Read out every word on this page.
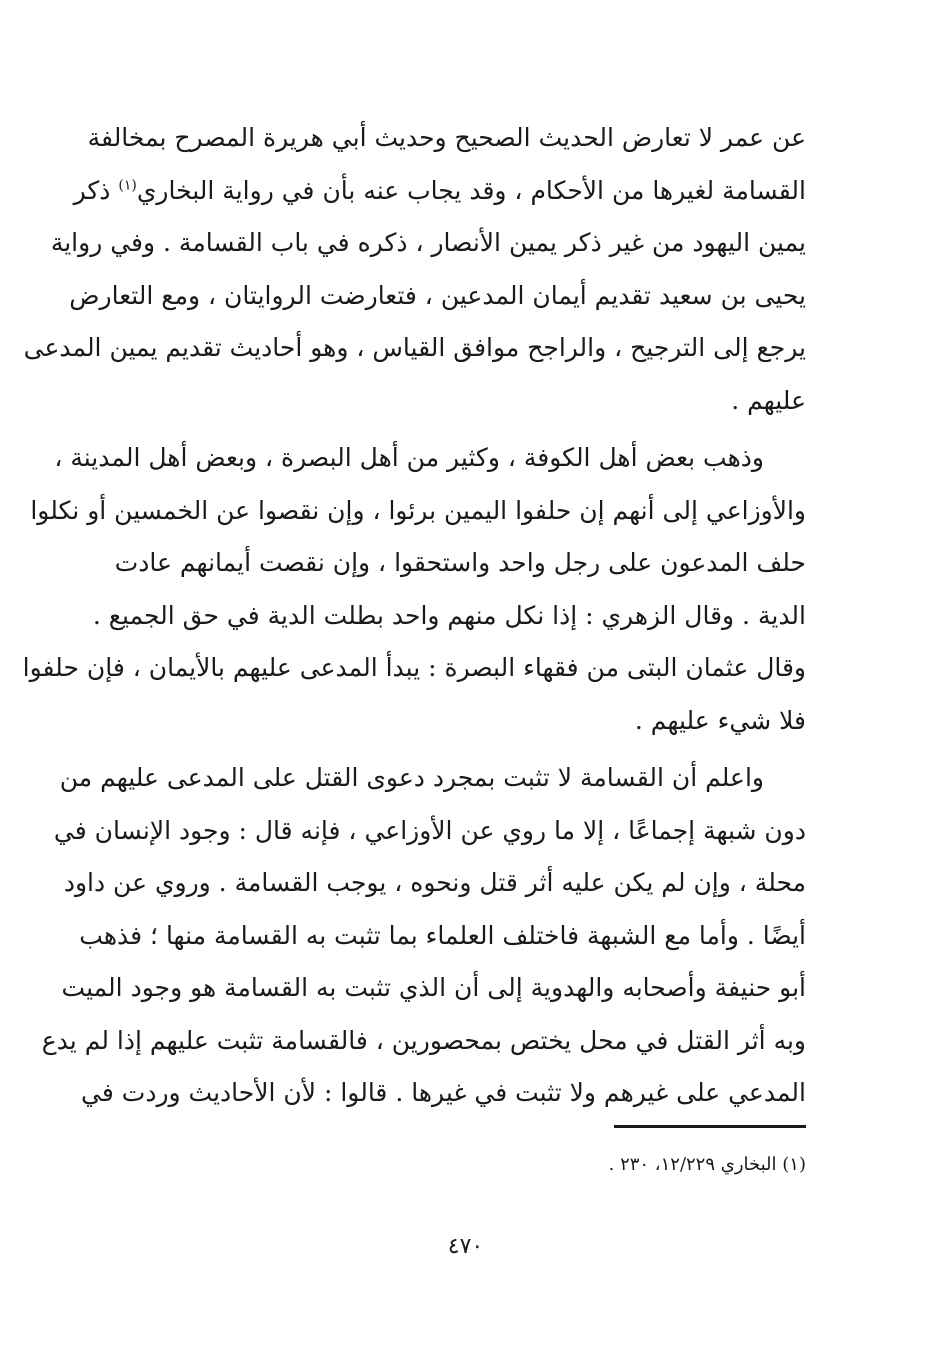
عن عمر لا تعارض الحديث الصحيح وحديث أبي هريرة المصرح بمخالفة
القسامة لغيرها من الأحكام ، وقد يجاب عنه بأن في رواية البخاري$^{(١)}$ ذكر
يمين اليهود من غير ذكر يمين الأنصار ، ذكره في باب القسامة . وفي رواية
يحيى بن سعيد تقديم أيمان المدعين ، فتعارضت الروايتان ، ومع التعارض
يرجع إلى الترجيح ، والراجح موافق القياس ، وهو أحاديث تقديم يمين المدعى
عليهم .
وذهب بعض أهل الكوفة ، وكثير من أهل البصرة ، وبعض أهل المدينة ،
والأوزاعي إلى أنهم إن حلفوا اليمين برئوا ، وإن نقصوا عن الخمسين أو نكلوا
حلف المدعون على رجل واحد واستحقوا ، وإن نقصت أيمانهم عادت
الدية . وقال الزهري : إذا نكل منهم واحد بطلت الدية في حق الجميع .
وقال عثمان البتى من فقهاء البصرة : يبدأ المدعى عليهم بالأيمان ، فإن حلفوا
فلا شيء عليهم .
واعلم أن القسامة لا تثبت بمجرد دعوى القتل على المدعى عليهم من
دون شبهة إجماعًا ، إلا ما روي عن الأوزاعي ، فإنه قال : وجود الإنسان في
محلة ، وإن لم يكن عليه أثر قتل ونحوه ، يوجب القسامة . وروي عن داود
أيضًا . وأما مع الشبهة فاختلف العلماء بما تثبت به القسامة منها ؛ فذهب
أبو حنيفة وأصحابه والهدوية إلى أن الذي تثبت به القسامة هو وجود الميت
وبه أثر القتل في محل يختص بمحصورين ، فالقسامة تثبت عليهم إذا لم يدع
المدعي على غيرهم ولا تثبت في غيرها . قالوا : لأن الأحاديث وردت في

(١) البخاري ١٢/٢٢٩، ٢٣٠ .

٤٧٠
